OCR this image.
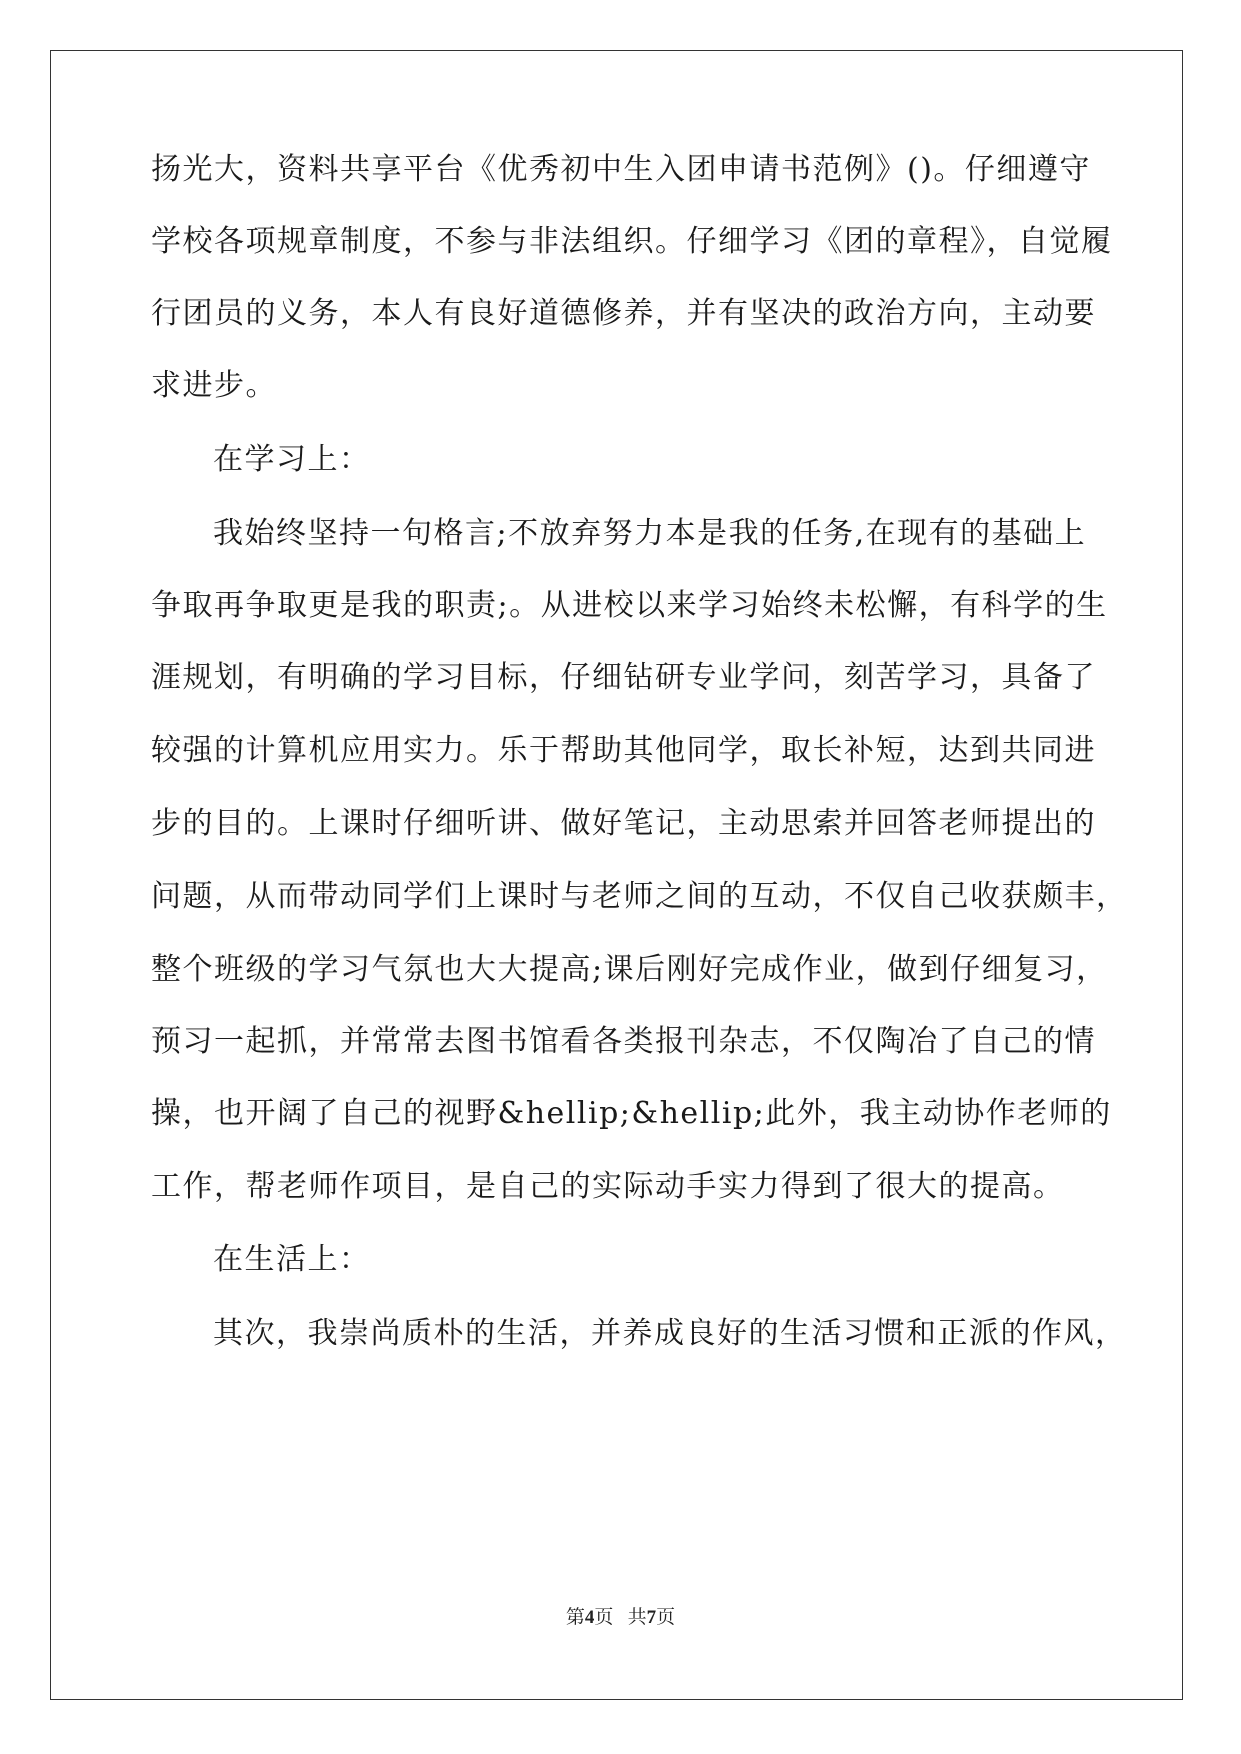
扬光大，资料共享平台《优秀初中生入团申请书范例》()。仔细遵守
学校各项规章制度，不参与非法组织。仔细学习《团的章程》，自觉履
行团员的义务，本人有良好道德修养，并有坚决的政治方向，主动要
求进步。
在学习上：
我始终坚持一句格言;不放弃努力本是我的任务,在现有的基础上
争取再争取更是我的职责;。从进校以来学习始终未松懈，有科学的生
涯规划，有明确的学习目标，仔细钻研专业学问，刻苦学习，具备了
较强的计算机应用实力。乐于帮助其他同学，取长补短，达到共同进
步的目的。上课时仔细听讲、做好笔记，主动思索并回答老师提出的
问题，从而带动同学们上课时与老师之间的互动，不仅自己收获颇丰，
整个班级的学习气氛也大大提高;课后刚好完成作业，做到仔细复习，
预习一起抓，并常常去图书馆看各类报刊杂志，不仅陶冶了自己的情
操，也开阔了自己的视野&hellip;&hellip;此外，我主动协作老师的
工作，帮老师作项目，是自己的实际动手实力得到了很大的提高。
在生活上：
其次，我崇尚质朴的生活，并养成良好的生活习惯和正派的作风，
第4页 共7页
